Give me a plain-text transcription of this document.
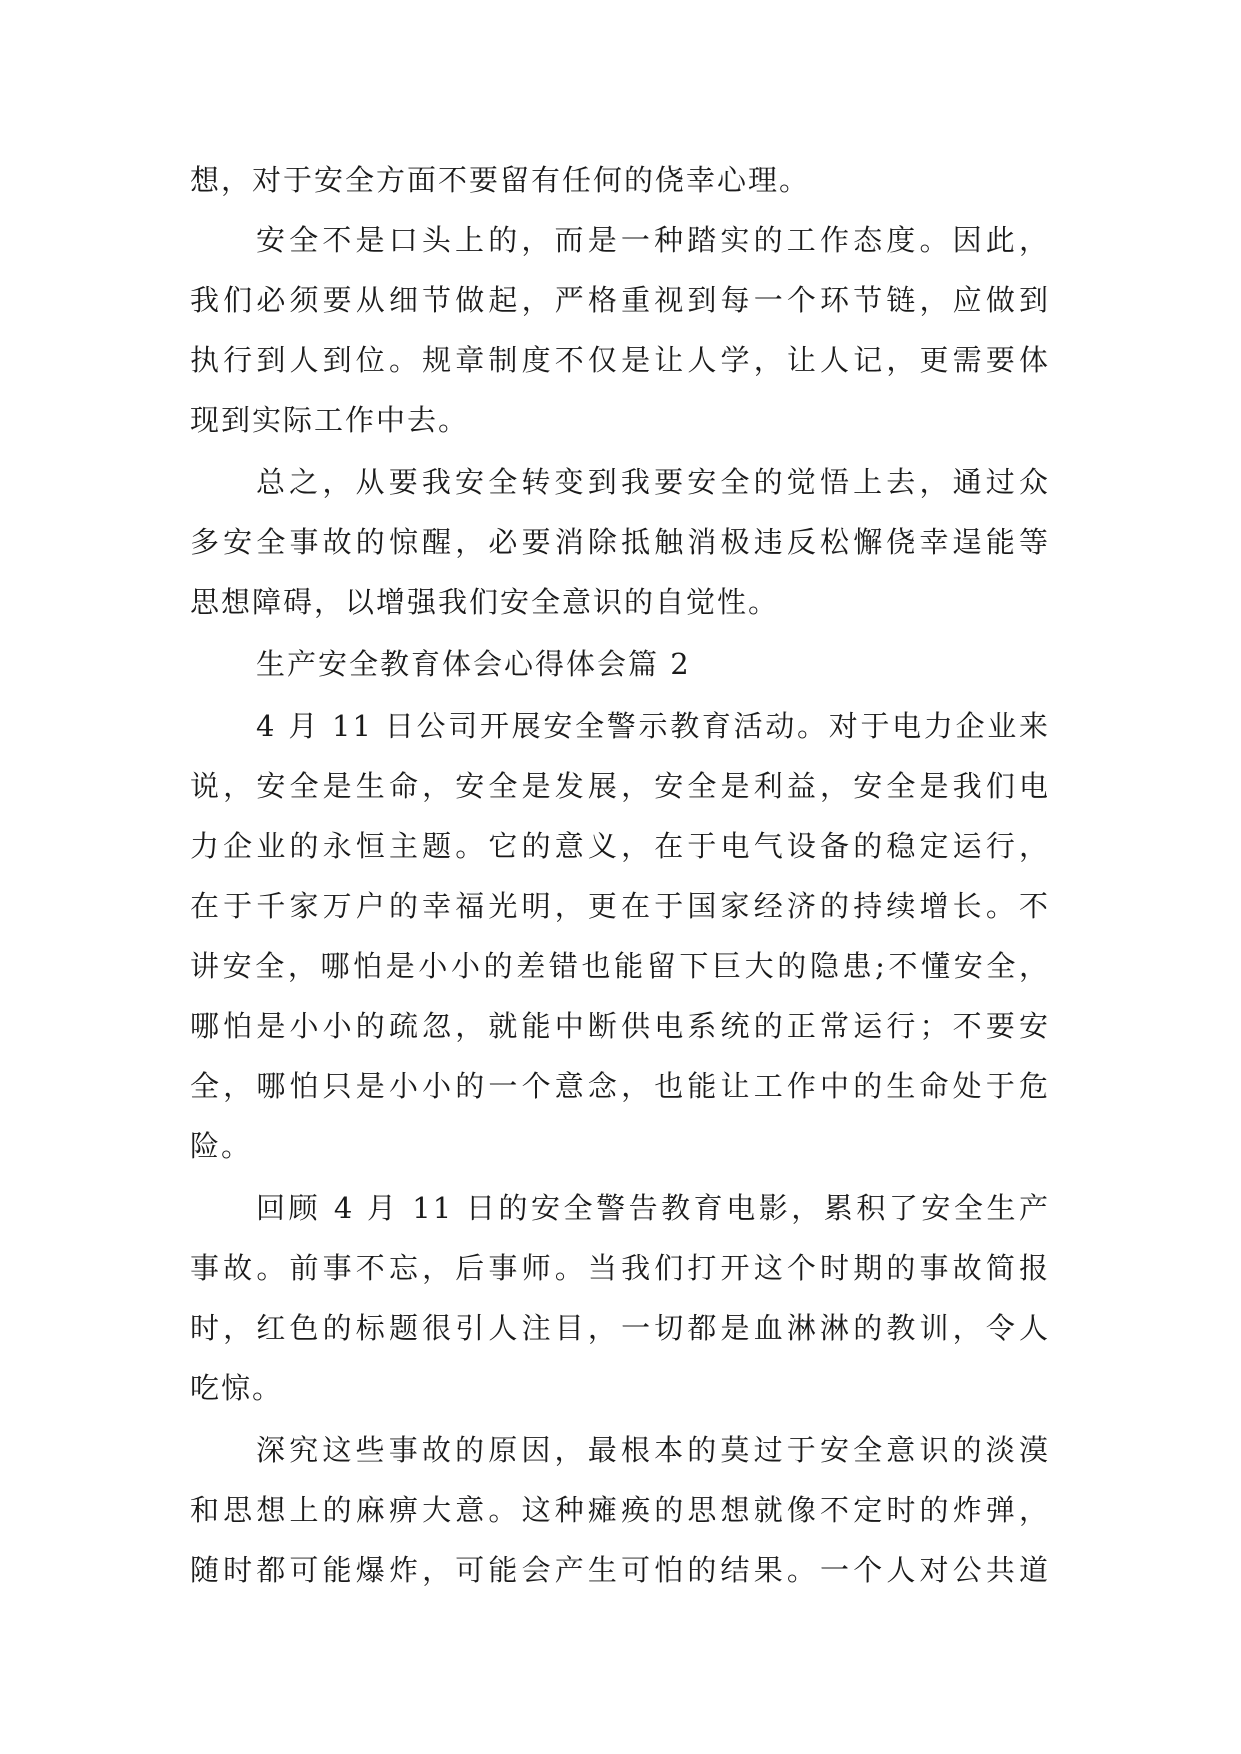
想，对于安全方面不要留有任何的侥幸心理。
安全不是口头上的，而是一种踏实的工作态度。因此，
我们必须要从细节做起，严格重视到每一个环节链，应做到
执行到人到位。规章制度不仅是让人学，让人记，更需要体
现到实际工作中去。
总之，从要我安全转变到我要安全的觉悟上去，通过众
多安全事故的惊醒，必要消除抵触消极违反松懈侥幸逞能等
思想障碍，以增强我们安全意识的自觉性。
生产安全教育体会心得体会篇 2
4 月 11 日公司开展安全警示教育活动。对于电力企业来
说，安全是生命，安全是发展，安全是利益，安全是我们电
力企业的永恒主题。它的意义，在于电气设备的稳定运行，
在于千家万户的幸福光明，更在于国家经济的持续增长。不
讲安全，哪怕是小小的差错也能留下巨大的隐患;不懂安全，
哪怕是小小的疏忽，就能中断供电系统的正常运行；不要安
全，哪怕只是小小的一个意念，也能让工作中的生命处于危
险。
回顾 4 月 11 日的安全警告教育电影，累积了安全生产
事故。前事不忘，后事师。当我们打开这个时期的事故简报
时，红色的标题很引人注目，一切都是血淋淋的教训，令人
吃惊。
深究这些事故的原因，最根本的莫过于安全意识的淡漠
和思想上的麻痹大意。这种瘫痪的思想就像不定时的炸弹，
随时都可能爆炸，可能会产生可怕的结果。一个人对公共道
